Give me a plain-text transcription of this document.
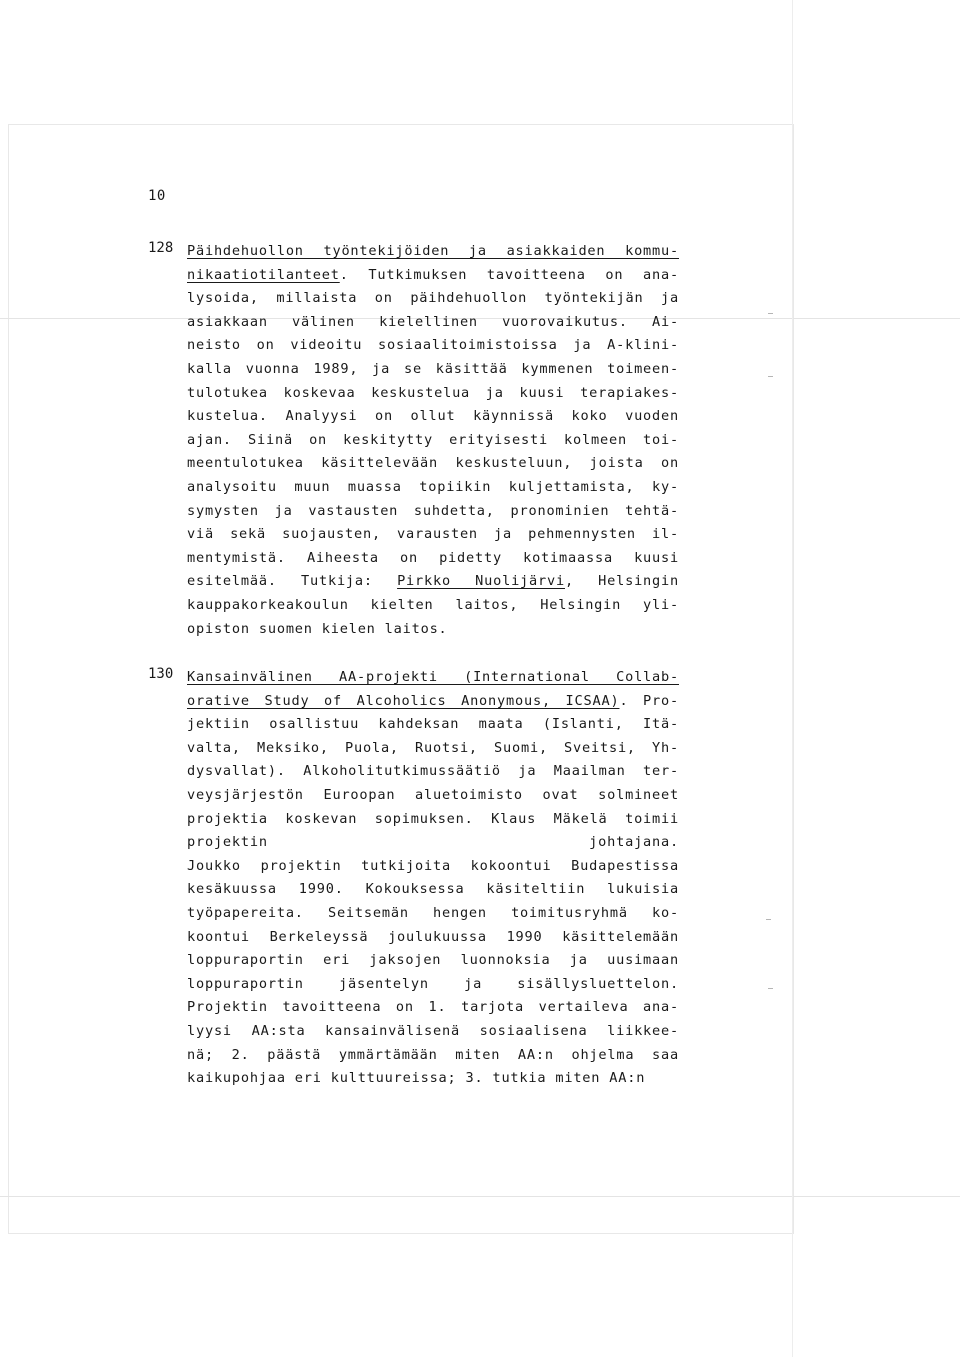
10
128 Päihdehuollon työntekijöiden ja asiakkaiden kommu-
nikaatiotilanteet. Tutkimuksen tavoitteena on ana-
lysoida, millaista on päihdehuollon työntekijän ja
asiakkaan välinen kielellinen vuorovaikutus. Ai-
neisto on videoitu sosiaalitoimistoissa ja A-klini-
kalla vuonna 1989, ja se käsittää kymmenen toimeen-
tulotukea koskevaa keskustelua ja kuusi terapiakes-
kustelua. Analyysi on ollut käynnissä koko vuoden
ajan. Siinä on keskitytty erityisesti kolmeen toi-
meentulotukea käsittelevään keskusteluun, joista on
analysoitu muun muassa topiikin kuljettamista, ky-
symysten ja vastausten suhdetta, pronominien tehtä-
viä sekä suojausten, varausten ja pehmennysten il-
mentymistä. Aiheesta on pidetty kotimaassa kuusi
esitelmää. Tutkija: Pirkko Nuolijärvi, Helsingin
kauppakorkeakoulun kielten laitos, Helsingin yli-
opiston suomen kielen laitos.
130 Kansainvälinen AA-projekti (International Collab-
orative Study of Alcoholics Anonymous, ICSAA). Pro-
jektiin osallistuu kahdeksan maata (Islanti, Itä-
valta, Meksiko, Puola, Ruotsi, Suomi, Sveitsi, Yh-
dysvallat). Alkoholitutkimussäätiö ja Maailman ter-
veysjärjestön Euroopan aluetoimisto ovat solmineet
projektia koskevan sopimuksen. Klaus Mäkelä toimii
projektin johtajana.
Joukko projektin tutkijoita kokoontui Budapestissa
kesäkuussa 1990. Kokouksessa käsiteltiin lukuisia
työpapereita. Seitsemän hengen toimitusryhmä ko-
koontui Berkeleyssä joulukuussa 1990 käsittelemään
loppuraportin eri jaksojen luonnoksia ja uusimaan
loppuraportin jäsentelyn ja sisällysluettelon.
Projektin tavoitteena on 1. tarjota vertaileva ana-
lyysi AA:sta kansainvälisenä sosiaalisena liikkee-
nä; 2. päästä ymmärtämään miten AA:n ohjelma saa
kaikupohjaa eri kulttuureissa; 3. tutkia miten AA:n
